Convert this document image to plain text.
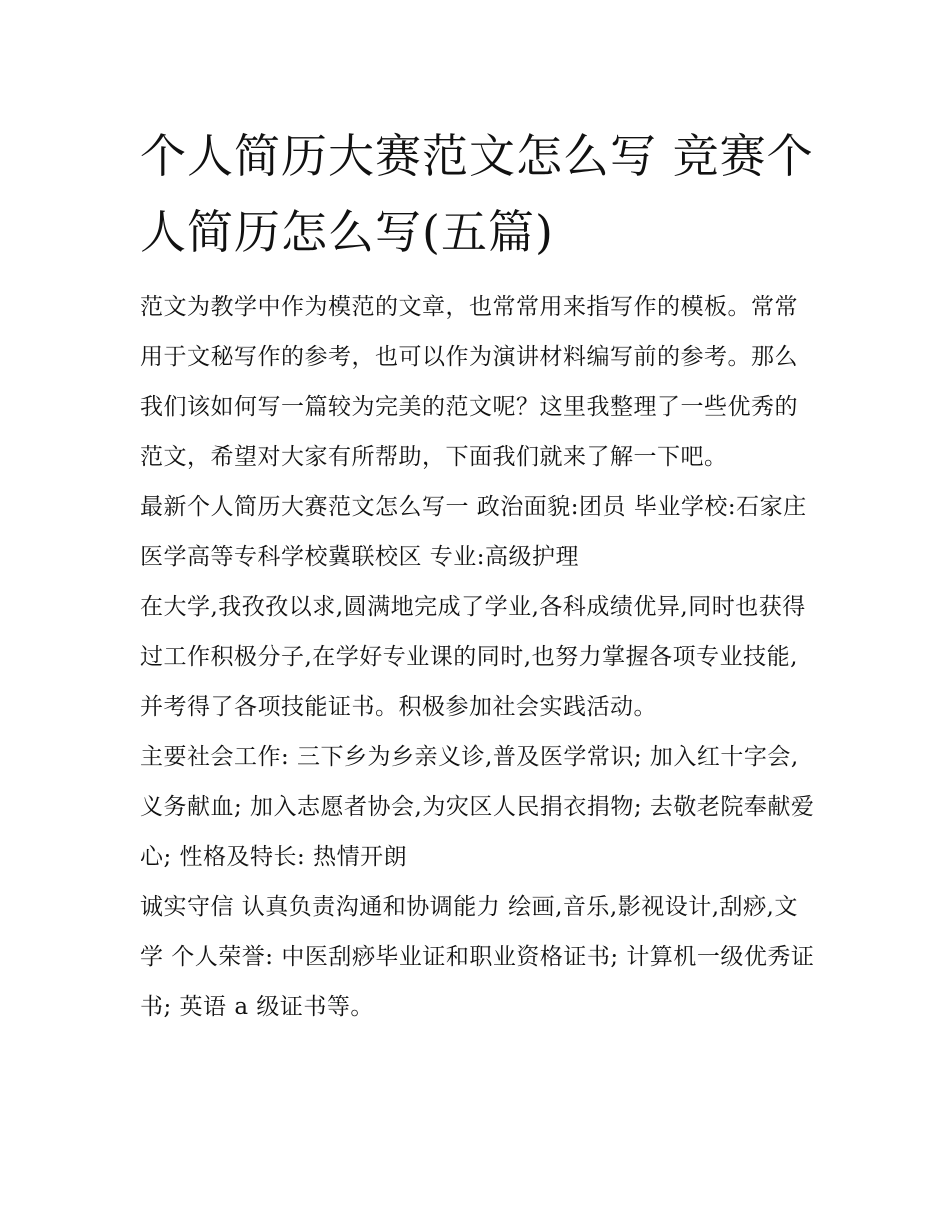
个人简历大赛范文怎么写 竞赛个人简历怎么写(五篇)

范文为教学中作为模范的文章，也常常用来指写作的模板。常常用于文秘写作的参考，也可以作为演讲材料编写前的参考。那么我们该如何写一篇较为完美的范文呢？这里我整理了一些优秀的范文，希望对大家有所帮助，下面我们就来了解一下吧。

最新个人简历大赛范文怎么写一 政治面貌:团员 毕业学校:石家庄医学高等专科学校冀联校区 专业:高级护理

在大学,我孜孜以求,圆满地完成了学业,各科成绩优异,同时也获得过工作积极分子,在学好专业课的同时,也努力掌握各项专业技能,并考得了各项技能证书。积极参加社会实践活动。

主要社会工作: 三下乡为乡亲义诊,普及医学常识; 加入红十字会,义务献血; 加入志愿者协会,为灾区人民捐衣捐物; 去敬老院奉献爱心; 性格及特长: 热情开朗

诚实守信 认真负责沟通和协调能力 绘画,音乐,影视设计,刮痧,文学 个人荣誉: 中医刮痧毕业证和职业资格证书; 计算机一级优秀证书; 英语 a 级证书等。
